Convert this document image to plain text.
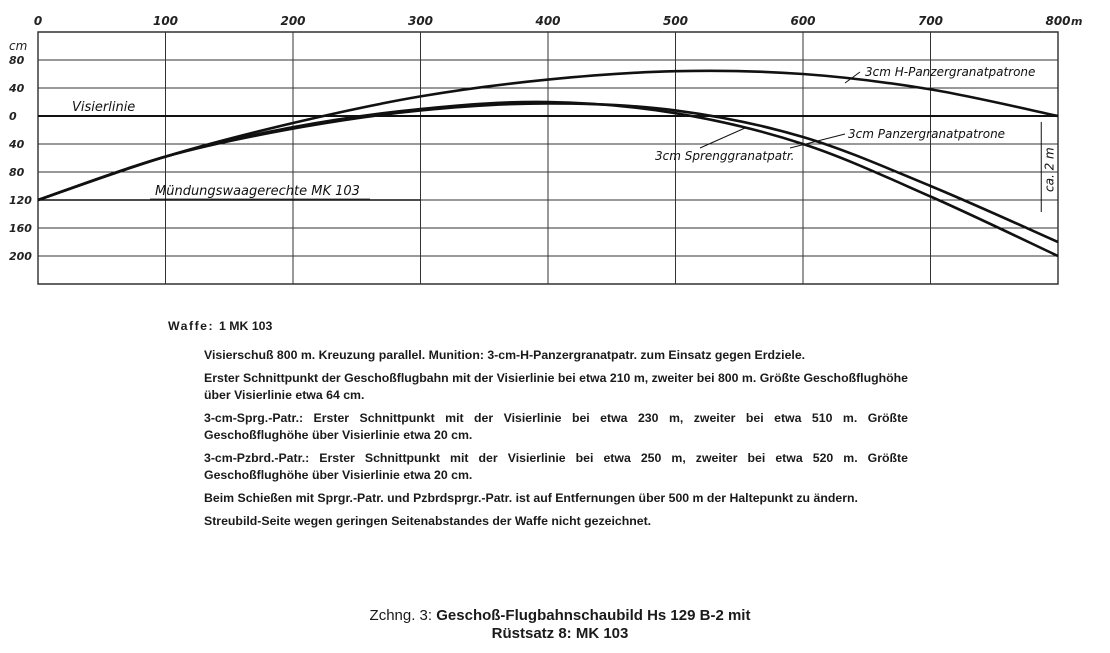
0	100	200	300	400	500	600	700	800 m
80
40
0
40
80
120
160
200
cm
Visierlinie
Mündungswaagerechte MK 103
3cm H-Panzergranatpatrone
3cm Panzergranatpatrone
3cm Sprenggranatpatr.	ca. 2 m
Waffe: 1 MK 103
Visierschuß 800 m. Kreuzung parallel. Munition: 3-cm-H-Panzergranatpatr. zum Einsatz gegen Erdziele.
Erster Schnittpunkt der Geschoßflugbahn mit der Visierlinie bei etwa 210 m, zweiter bei 800 m. Größte Geschoßflughöhe über Visierlinie etwa 64 cm.
3-cm-Sprg.-Patr.: Erster Schnittpunkt mit der Visierlinie bei etwa 230 m, zweiter bei etwa 510 m. Größte Geschoßflughöhe über Visierlinie etwa 20 cm.
3-cm-Pzbrd.-Patr.: Erster Schnittpunkt mit der Visierlinie bei etwa 250 m, zweiter bei etwa 520 m. Größte Geschoßflughöhe über Visierlinie etwa 20 cm.
Beim Schießen mit Sprgr.-Patr. und Pzbrdsprgr.-Patr. ist auf Entfernungen über 500 m der Haltepunkt zu ändern.
Streubild-Seite wegen geringen Seitenabstandes der Waffe nicht gezeichnet.
Zchng. 3: Geschoß-Flugbahnschaubild Hs 129 B-2 mit
Rüstsatz 8: MK 103
